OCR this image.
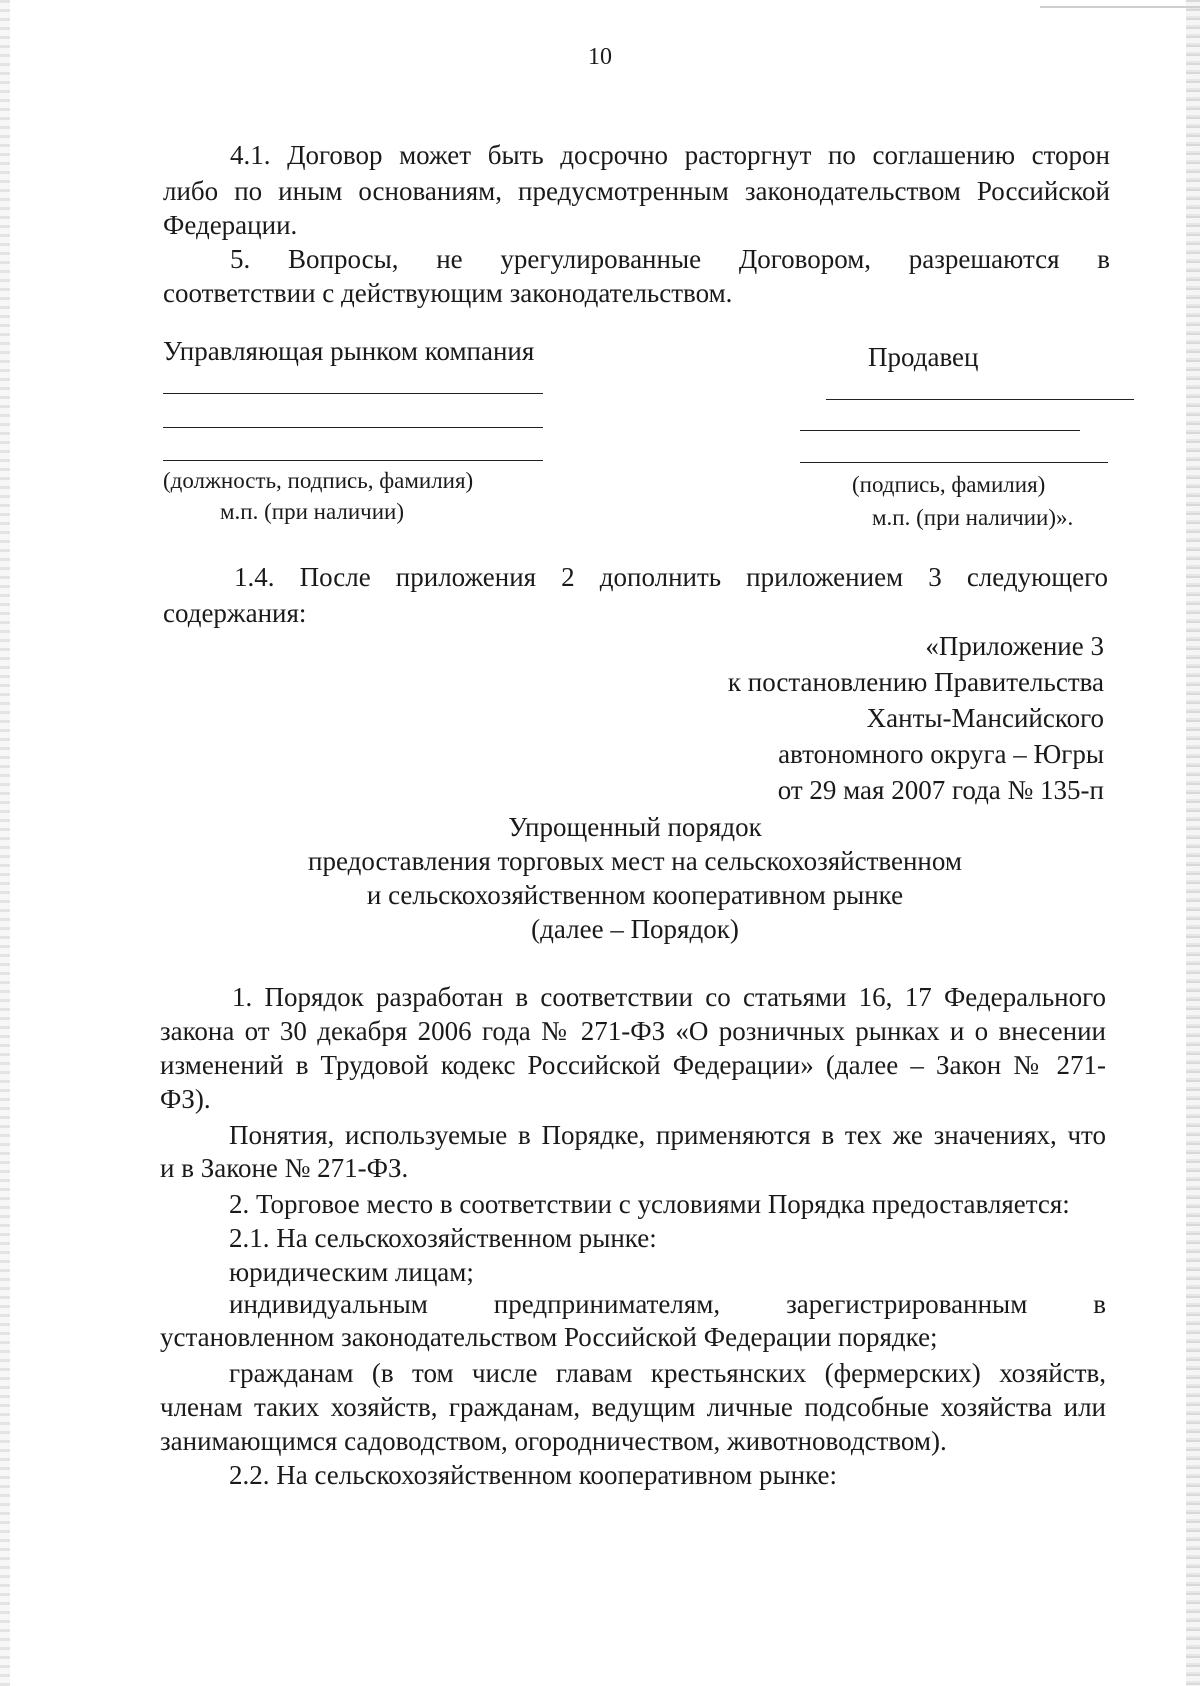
10
4.1. Договор может быть досрочно расторгнут по соглашению сторон
либо по иным основаниям, предусмотренным законодательством Российской
Федерации.
5. Вопросы, не урегулированные Договором, разрешаются в
соответствии с действующим законодательством.
Управляющая рынком компания	Продавец
(должность, подпись, фамилия)
м.п. (при наличии)
(подпись, фамилия)
м.п. (при наличии)».
1.4. После приложения 2 дополнить приложением 3 следующего
содержания:
«Приложение 3
к постановлению Правительства
Ханты-Мансийского
автономного округа – Югры
от 29 мая 2007 года № 135-п
Упрощенный порядок
предоставления торговых мест на сельскохозяйственном
и сельскохозяйственном кооперативном рынке
(далее – Порядок)
1. Порядок разработан в соответствии со статьями 16, 17 Федерального
закона от 30 декабря 2006 года № 271-ФЗ «О розничных рынках и о внесении
изменений в Трудовой кодекс Российской Федерации» (далее – Закон № 271-
ФЗ).
Понятия, используемые в Порядке, применяются в тех же значениях, что
и в Законе № 271-ФЗ.
2. Торговое место в соответствии с условиями Порядка предоставляется:
2.1. На сельскохозяйственном рынке:
юридическим лицам;
индивидуальным предпринимателям, зарегистрированным в
установленном законодательством Российской Федерации порядке;
гражданам (в том числе главам крестьянских (фермерских) хозяйств,
членам таких хозяйств, гражданам, ведущим личные подсобные хозяйства или
занимающимся садоводством, огородничеством, животноводством).
2.2. На сельскохозяйственном кооперативном рынке:
